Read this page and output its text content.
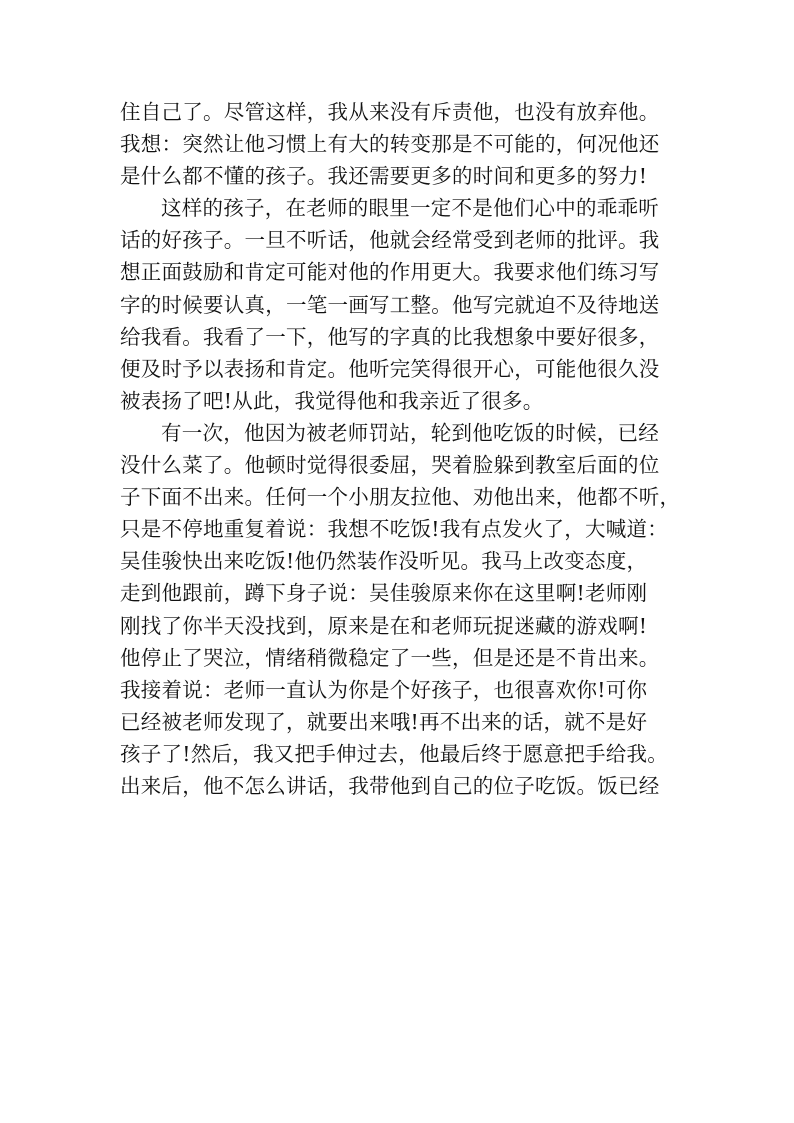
住自己了。尽管这样，我从来没有斥责他，也没有放弃他。
我想：突然让他习惯上有大的转变那是不可能的，何况他还
是什么都不懂的孩子。我还需要更多的时间和更多的努力!
这样的孩子，在老师的眼里一定不是他们心中的乖乖听
话的好孩子。一旦不听话，他就会经常受到老师的批评。我
想正面鼓励和肯定可能对他的作用更大。我要求他们练习写
字的时候要认真，一笔一画写工整。他写完就迫不及待地送
给我看。我看了一下，他写的字真的比我想象中要好很多，
便及时予以表扬和肯定。他听完笑得很开心，可能他很久没
被表扬了吧!从此，我觉得他和我亲近了很多。
有一次，他因为被老师罚站，轮到他吃饭的时候，已经
没什么菜了。他顿时觉得很委屈，哭着脸躲到教室后面的位
子下面不出来。任何一个小朋友拉他、劝他出来，他都不听，
只是不停地重复着说：我想不吃饭!我有点发火了，大喊道：
吴佳骏快出来吃饭!他仍然装作没听见。我马上改变态度，
走到他跟前，蹲下身子说：吴佳骏原来你在这里啊!老师刚
刚找了你半天没找到，原来是在和老师玩捉迷藏的游戏啊!
他停止了哭泣，情绪稍微稳定了一些，但是还是不肯出来。
我接着说：老师一直认为你是个好孩子，也很喜欢你!可你
已经被老师发现了，就要出来哦!再不出来的话，就不是好
孩子了!然后，我又把手伸过去，他最后终于愿意把手给我。
出来后，他不怎么讲话，我带他到自己的位子吃饭。饭已经
